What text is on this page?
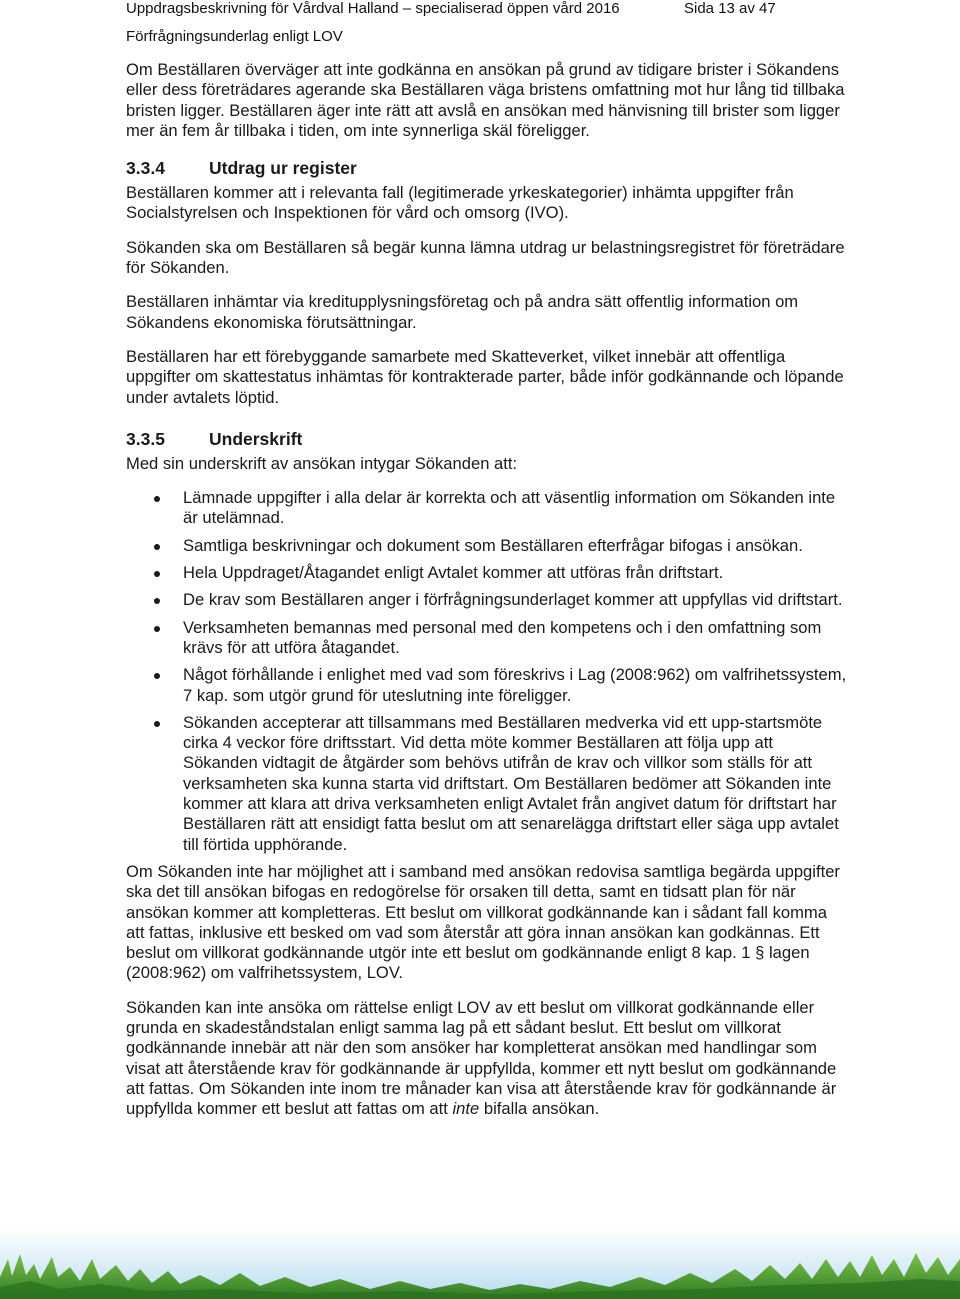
Uppdragsbeskrivning för Vårdval Halland – specialiserad öppen vård 2016	Sida 13 av 47
Förfrågningsunderlag enligt LOV

Om Beställaren överväger att inte godkänna en ansökan på grund av tidigare brister i Sökandens eller dess företrädares agerande ska Beställaren väga bristens omfattning mot hur lång tid tillbaka bristen ligger. Beställaren äger inte rätt att avslå en ansökan med hänvisning till brister som ligger mer än fem år tillbaka i tiden, om inte synnerliga skäl föreligger.

3.3.4	Utdrag ur register

Beställaren kommer att i relevanta fall (legitimerade yrkeskategorier) inhämta uppgifter från Socialstyrelsen och Inspektionen för vård och omsorg (IVO).

Sökanden ska om Beställaren så begär kunna lämna utdrag ur belastningsregistret för företrädare för Sökanden.

Beställaren inhämtar via kreditupplysningsföretag och på andra sätt offentlig information om Sökandens ekonomiska förutsättningar.

Beställaren har ett förebyggande samarbete med Skatteverket, vilket innebär att offentliga uppgifter om skattestatus inhämtas för kontrakterade parter, både inför godkännande och löpande under avtalets löptid.

3.3.5	Underskrift

Med sin underskrift av ansökan intygar Sökanden att:

Lämnade uppgifter i alla delar är korrekta och att väsentlig information om Sökanden inte är utelämnad.
Samtliga beskrivningar och dokument som Beställaren efterfrågar bifogas i ansökan.
Hela Uppdraget/Åtagandet enligt Avtalet kommer att utföras från driftstart.
De krav som Beställaren anger i förfrågningsunderlaget kommer att uppfyllas vid driftstart.
Verksamheten bemannas med personal med den kompetens och i den omfattning som krävs för att utföra åtagandet.
Något förhållande i enlighet med vad som föreskrivs i Lag (2008:962) om valfrihetssystem, 7 kap. som utgör grund för uteslutning inte föreligger.
Sökanden accepterar att tillsammans med Beställaren medverka vid ett upp-startsmöte cirka 4 veckor före driftsstart. Vid detta möte kommer Beställaren att följa upp att Sökanden vidtagit de åtgärder som behövs utifrån de krav och villkor som ställs för att verksamheten ska kunna starta vid driftstart. Om Beställaren bedömer att Sökanden inte kommer att klara att driva verksamheten enligt Avtalet från angivet datum för driftstart har Beställaren rätt att ensidigt fatta beslut om att senarelägga driftstart eller säga upp avtalet till förtida upphörande.

Om Sökanden inte har möjlighet att i samband med ansökan redovisa samtliga begärda uppgifter ska det till ansökan bifogas en redogörelse för orsaken till detta, samt en tidsatt plan för när ansökan kommer att kompletteras. Ett beslut om villkorat godkännande kan i sådant fall komma att fattas, inklusive ett besked om vad som återstår att göra innan ansökan kan godkännas. Ett beslut om villkorat godkännande utgör inte ett beslut om godkännande enligt 8 kap. 1 § lagen (2008:962) om valfrihetssystem, LOV.

Sökanden kan inte ansöka om rättelse enligt LOV av ett beslut om villkorat godkännande eller grunda en skadeståndstalan enligt samma lag på ett sådant beslut. Ett beslut om villkorat godkännande innebär att när den som ansöker har kompletterat ansökan med handlingar som visat att återstående krav för godkännande är uppfyllda, kommer ett nytt beslut om godkännande att fattas. Om Sökanden inte inom tre månader kan visa att återstående krav för godkännande är uppfyllda kommer ett beslut att fattas om att inte bifalla ansökan.
